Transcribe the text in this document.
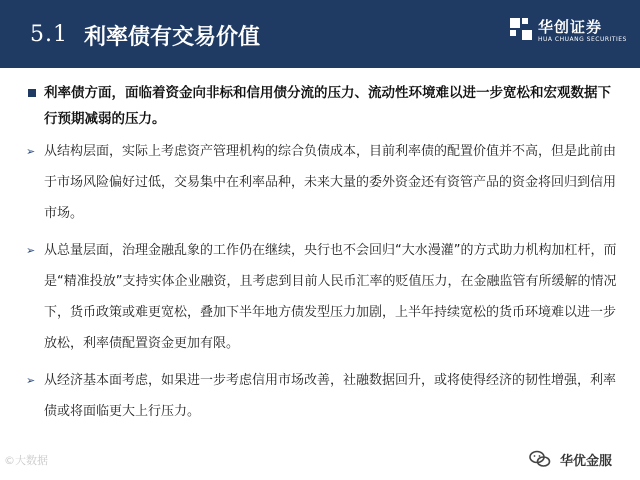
5.1 利率债有交易价值	华创证券
HUA CHUANG SECURITIES
利率债方面，面临着资金向非标和信用债分流的压力、流动性环境难以进一步宽松和宏观数据下行预期减弱的压力。
➢ 从结构层面，实际上考虑资产管理机构的综合负债成本，目前利率债的配置价值并不高，但是此前由于市场风险偏好过低，交易集中在利率品种，未来大量的委外资金还有资管产品的资金将回归到信用市场。
➢ 从总量层面，治理金融乱象的工作仍在继续，央行也不会回归“大水漫灌”的方式助力机构加杠杆，而是“精准投放”支持实体企业融资，且考虑到目前人民币汇率的贬值压力，在金融监管有所缓解的情况下，货币政策或难更宽松，叠加下半年地方债发型压力加剧，上半年持续宽松的货币环境难以进一步放松，利率债配置资金更加有限。
➢ 从经济基本面考虑，如果进一步考虑信用市场改善，社融数据回升，或将使得经济的韧性增强，利率债或将面临更大上行压力。
©大数据	华优金服
